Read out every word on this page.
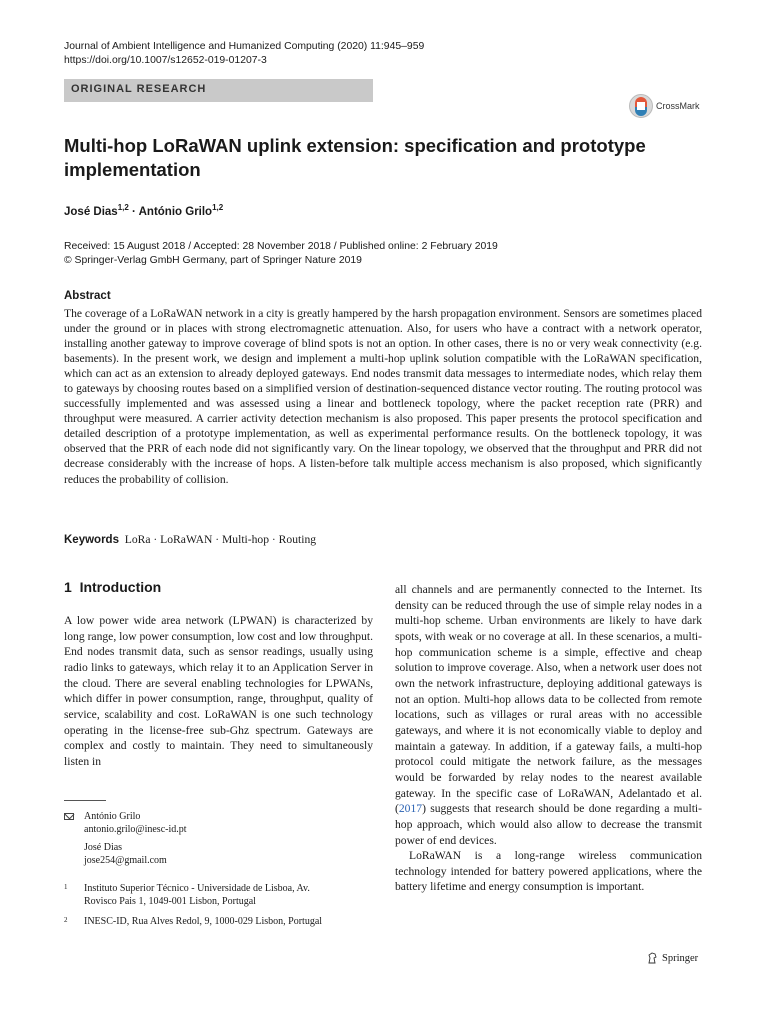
Journal of Ambient Intelligence and Humanized Computing (2020) 11:945–959
https://doi.org/10.1007/s12652-019-01207-3
ORIGINAL RESEARCH
CrossMark
Multi-hop LoRaWAN uplink extension: specification and prototype
implementation
José Dias$^{1,2}$ · António Grilo$^{1,2}$
Received: 15 August 2018 / Accepted: 28 November 2018 / Published online: 2 February 2019
© Springer-Verlag GmbH Germany, part of Springer Nature 2019
Abstract
The coverage of a LoRaWAN network in a city is greatly hampered by the harsh propagation environment. Sensors are sometimes placed under the ground or in places with strong electromagnetic attenuation. Also, for users who have a contract with a network operator, installing another gateway to improve coverage of blind spots is not an option. In other cases, there is no or very weak connectivity (e.g. basements). In the present work, we design and implement a multi-hop uplink solution compatible with the LoRaWAN specification, which can act as an extension to already deployed gateways. End nodes transmit data messages to intermediate nodes, which relay them to gateways by choosing routes based on a simplified version of destination-sequenced distance vector routing. The routing protocol was successfully implemented and was assessed using a linear and bottleneck topology, where the packet reception rate (PRR) and throughput were measured. A carrier activity detection mechanism is also proposed. This paper presents the protocol specification and detailed description of a prototype implementation, as well as experimental performance results. On the bottleneck topology, it was observed that the PRR of each node did not significantly vary. On the linear topology, we observed that the throughput and PRR did not decrease considerably with the increase of hops. A listen-before talk multiple access mechanism is also proposed, which significantly reduces the probability of collision.
Keywords LoRa · LoRaWAN · Multi-hop · Routing
1 Introduction

A low power wide area network (LPWAN) is characterized by long range, low power consumption, low cost and low throughput. End nodes transmit data, such as sensor readings, usually using radio links to gateways, which relay it to an Application Server in the cloud. There are several enabling technologies for LPWANs, which differ in power consumption, range, throughput, quality of service, scalability and cost. LoRaWAN is one such technology operating in the license-free sub-Ghz spectrum. Gateways are complex and costly to maintain. They need to simultaneously listen in

António Grilo
antonio.grilo@inesc-id.pt
José Dias
jose254@gmail.com
1 Instituto Superior Técnico - Universidade de Lisboa, Av.
Rovisco Pais 1, 1049-001 Lisbon, Portugal
2 INESC-ID, Rua Alves Redol, 9, 1000-029 Lisbon, Portugal

all channels and are permanently connected to the Internet. Its density can be reduced through the use of simple relay nodes in a multi-hop scheme. Urban environments are likely to have dark spots, with weak or no coverage at all. In these scenarios, a multi-hop communication scheme is a simple, effective and cheap solution to improve coverage. Also, when a network user does not own the network infrastructure, deploying additional gateways is not an option. Multi-hop allows data to be collected from remote locations, such as villages or rural areas with no accessible gateways, and where it is not economically viable to deploy and maintain a gateway. In addition, if a gateway fails, a multi-hop protocol could mitigate the network failure, as the messages would be forwarded by relay nodes to the nearest available gateway. In the specific case of LoRaWAN, Adelantado et al. (2017) suggests that research should be done regarding a multi-hop approach, which would also allow to decrease the transmit power of end devices.

LoRaWAN is a long-range wireless communication technology intended for battery powered applications, where the battery lifetime and energy consumption is important.

Springer
